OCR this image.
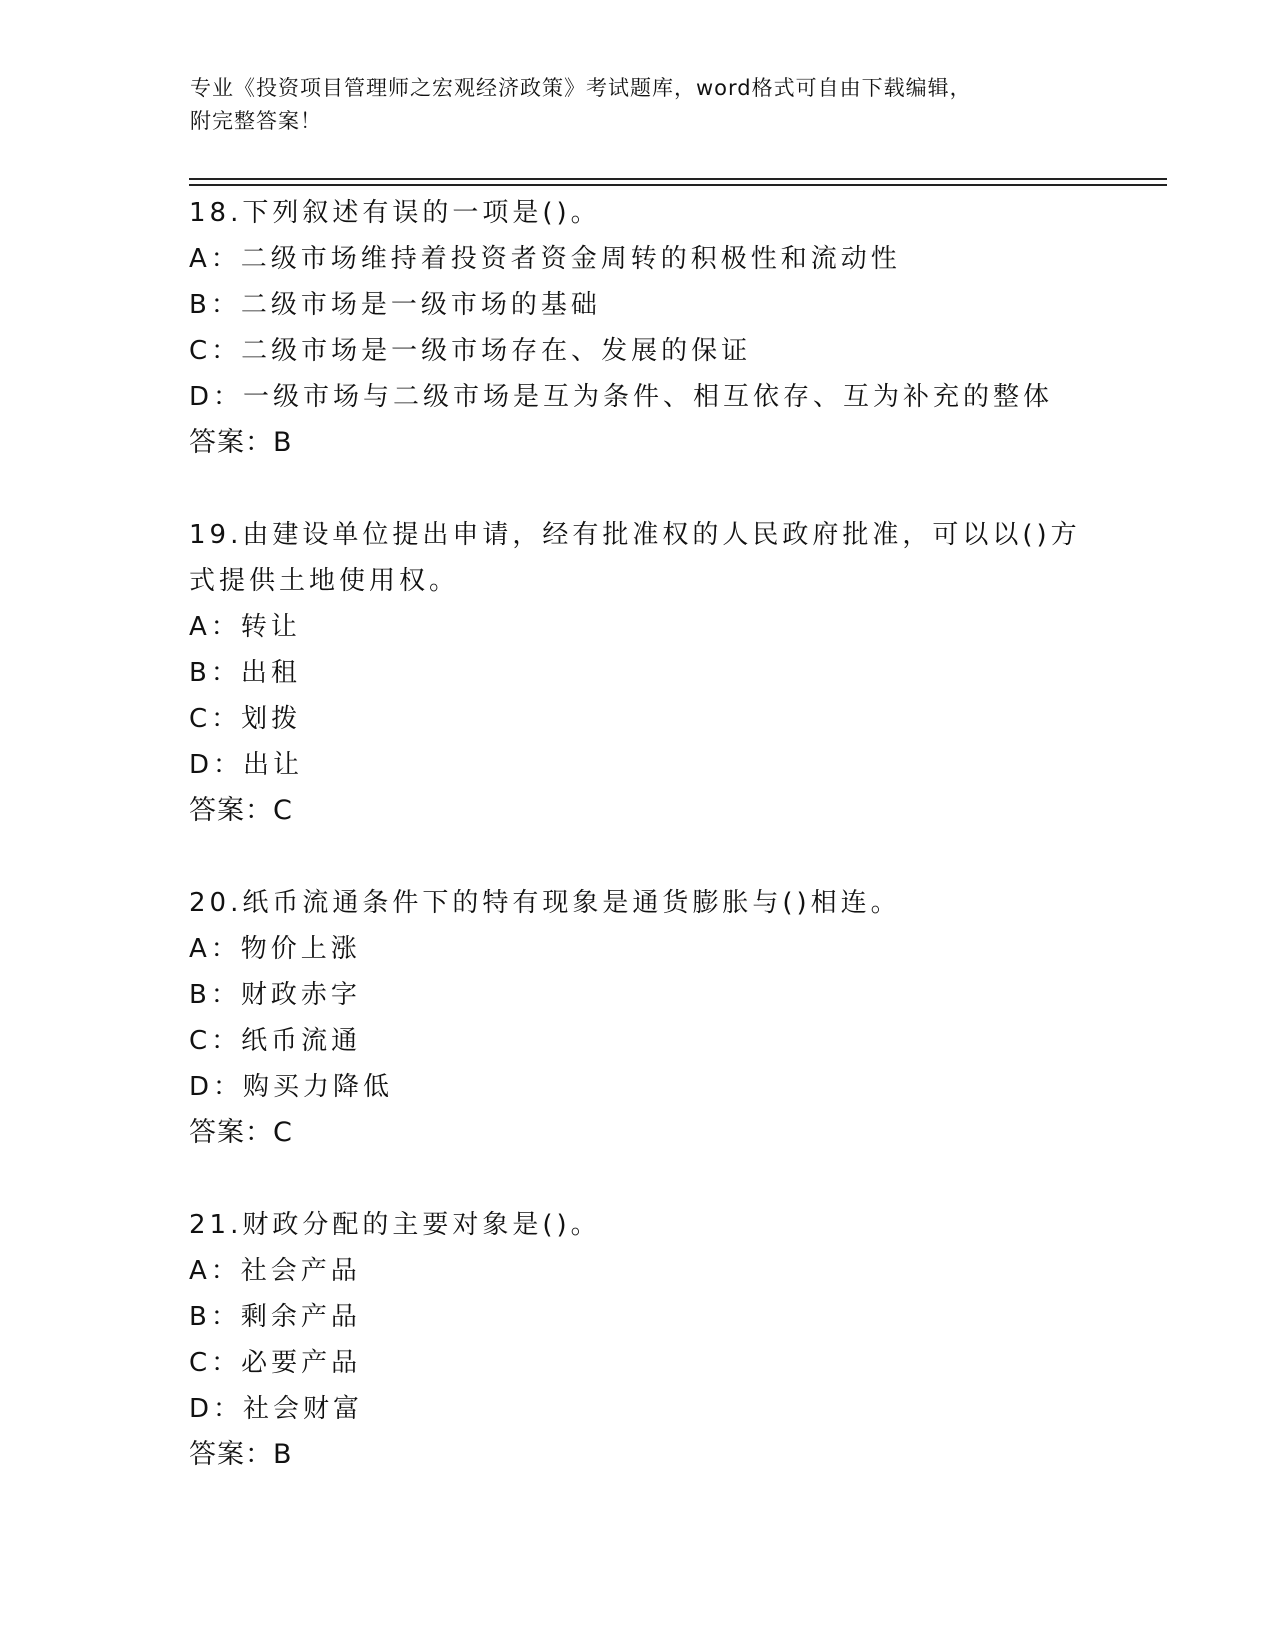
专业《投资项目管理师之宏观经济政策》考试题库，word格式可自由下载编辑，
附完整答案！
18.下列叙述有误的一项是()。
A：二级市场维持着投资者资金周转的积极性和流动性
B：二级市场是一级市场的基础
C：二级市场是一级市场存在、发展的保证
D：一级市场与二级市场是互为条件、相互依存、互为补充的整体
答案：B
19.由建设单位提出申请，经有批准权的人民政府批准，可以以()方式提供土地使用权。
A：转让
B：出租
C：划拨
D：出让
答案：C
20.纸币流通条件下的特有现象是通货膨胀与()相连。
A：物价上涨
B：财政赤字
C：纸币流通
D：购买力降低
答案：C
21.财政分配的主要对象是()。
A：社会产品
B：剩余产品
C：必要产品
D：社会财富
答案：B
